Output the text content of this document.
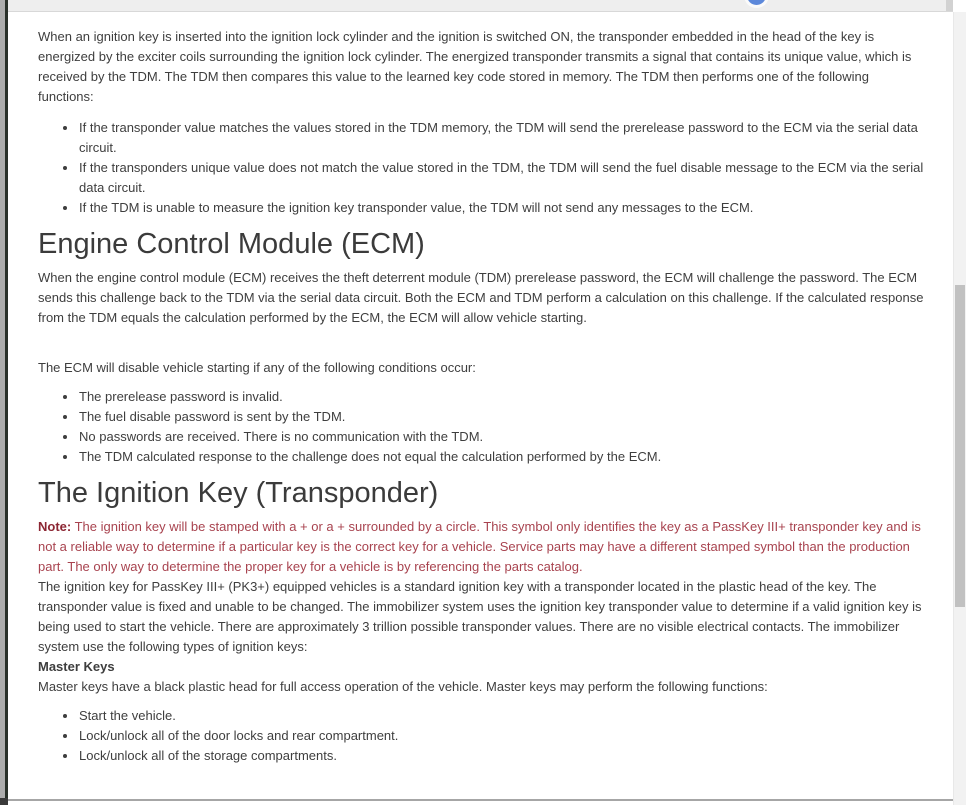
When an ignition key is inserted into the ignition lock cylinder and the ignition is switched ON, the transponder embedded in the head of the key is energized by the exciter coils surrounding the ignition lock cylinder. The energized transponder transmits a signal that contains its unique value, which is received by the TDM. The TDM then compares this value to the learned key code stored in memory. The TDM then performs one of the following functions:

• If the transponder value matches the values stored in the TDM memory, the TDM will send the prerelease password to the ECM via the serial data circuit.
• If the transponders unique value does not match the value stored in the TDM, the TDM will send the fuel disable message to the ECM via the serial data circuit.
• If the TDM is unable to measure the ignition key transponder value, the TDM will not send any messages to the ECM.
Engine Control Module (ECM)

When the engine control module (ECM) receives the theft deterrent module (TDM) prerelease password, the ECM will challenge the password. The ECM sends this challenge back to the TDM via the serial data circuit. Both the ECM and TDM perform a calculation on this challenge. If the calculated response from the TDM equals the calculation performed by the ECM, the ECM will allow vehicle starting.

The ECM will disable vehicle starting if any of the following conditions occur:

• The prerelease password is invalid.
• The fuel disable password is sent by the TDM.
• No passwords are received. There is no communication with the TDM.
• The TDM calculated response to the challenge does not equal the calculation performed by the ECM.
The Ignition Key (Transponder)

Note: The ignition key will be stamped with a + or a + surrounded by a circle. This symbol only identifies the key as a PassKey III+ transponder key and is not a reliable way to determine if a particular key is the correct key for a vehicle. Service parts may have a different stamped symbol than the production part. The only way to determine the proper key for a vehicle is by referencing the parts catalog.

The ignition key for PassKey III+ (PK3+) equipped vehicles is a standard ignition key with a transponder located in the plastic head of the key. The transponder value is fixed and unable to be changed. The immobilizer system uses the ignition key transponder value to determine if a valid ignition key is being used to start the vehicle. There are approximately 3 trillion possible transponder values. There are no visible electrical contacts. The immobilizer system use the following types of ignition keys:

Master Keys

Master keys have a black plastic head for full access operation of the vehicle. Master keys may perform the following functions:

• Start the vehicle.
• Lock/unlock all of the door locks and rear compartment.
• Lock/unlock all of the storage compartments.
